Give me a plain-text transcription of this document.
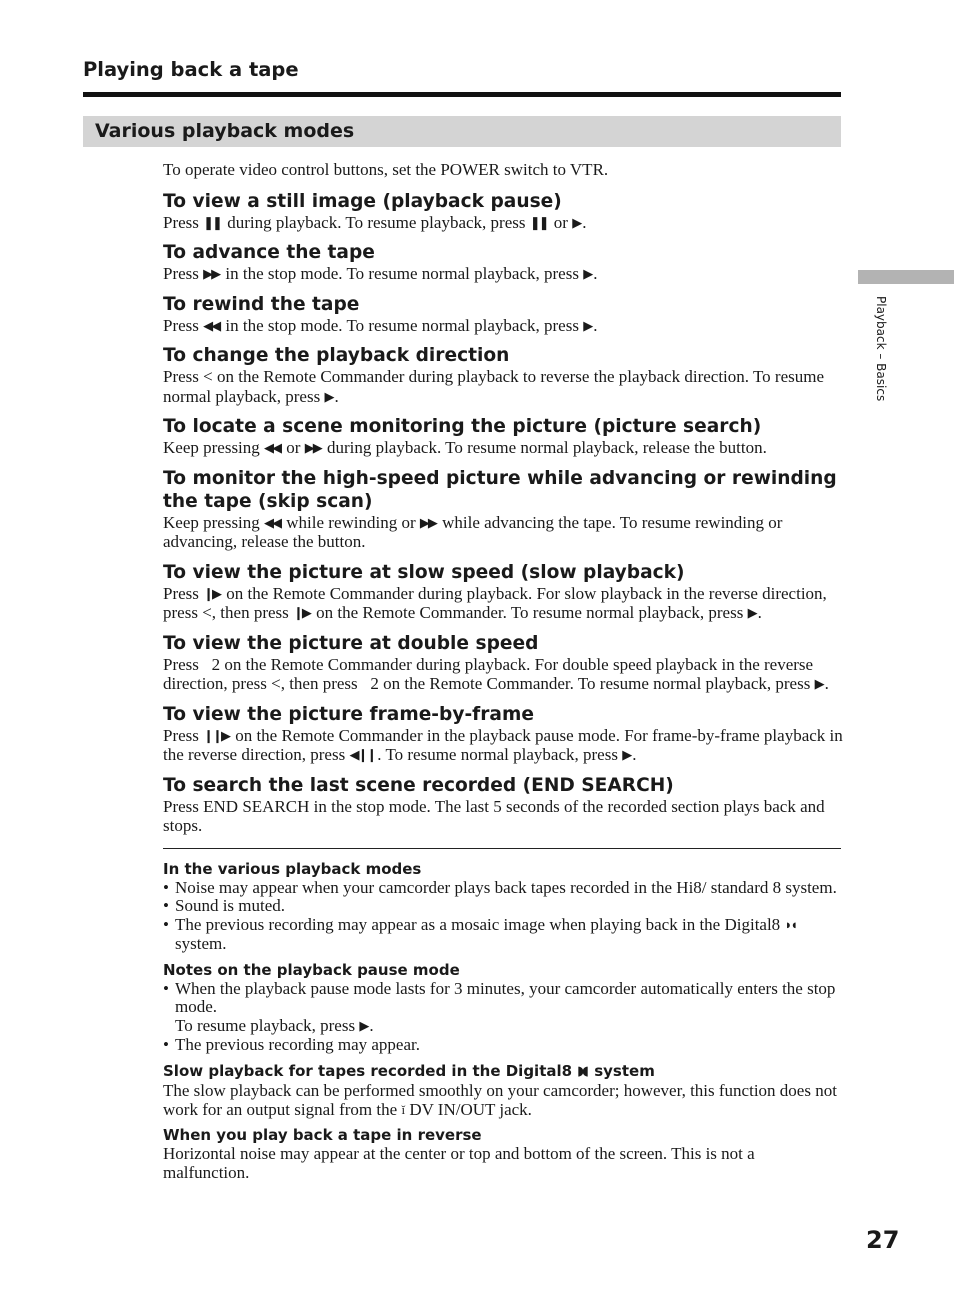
Playing back a tape
Various playback modes
Playback – Basics
27

To operate video control buttons, set the POWER switch to VTR.

To view a still image (playback pause)

Press ❚❚ during playback. To resume playback, press ❚❚ or ▶ .

To advance the tape

Press ▶▶ in the stop mode. To resume normal playback, press ▶ .

To rewind the tape

Press ◀◀ in the stop mode. To resume normal playback, press ▶ .

To change the playback direction

Press < on the Remote Commander during playback to reverse the playback direction. To resume normal playback, press ▶ .

To locate a scene monitoring the picture (picture search)

Keep pressing ◀◀ or ▶▶ during playback. To resume normal playback, release the button.

To monitor the high-speed picture while advancing or rewinding the tape (skip scan)

Keep pressing ◀◀ while rewinding or ▶▶ while advancing the tape. To resume rewinding or advancing, release the button.

To view the picture at slow speed (slow playback)

Press ❙▶ on the Remote Commander during playback. For slow playback in the reverse direction, press <, then press ❙▶ on the Remote Commander. To resume normal playback, press ▶ .

To view the picture at double speed

Press   2 on the Remote Commander during playback. For double speed playback in the reverse direction, press <, then press   2 on the Remote Commander. To resume normal playback, press ▶ .

To view the picture frame-by-frame

Press ❙❙▶ on the Remote Commander in the playback pause mode. For frame-by-frame playback in the reverse direction, press ◀❙❙ . To resume normal playback, press ▶ .

To search the last scene recorded (END SEARCH)

Press END SEARCH in the stop mode. The last 5 seconds of the recorded section plays back and stops.

In the various playback modes
• Noise may appear when your camcorder plays back tapes recorded in the Hi8/ standard 8 system.
• Sound is muted.
• The previous recording may appear as a mosaic image when playing back in the Digital8 ◗◖ system.
Notes on the playback pause mode
• When the playback pause mode lasts for 3 minutes, your camcorder automatically enters the stop mode.
To resume playback, press ▶ .
• The previous recording may appear.
Slow playback for tapes recorded in the Digital8 ◗◖ system

The slow playback can be performed smoothly on your camcorder; however, this function does not work for an output signal from the ǐ DV IN/OUT jack.

When you play back a tape in reverse

Horizontal noise may appear at the center or top and bottom of the screen. This is not a malfunction.
